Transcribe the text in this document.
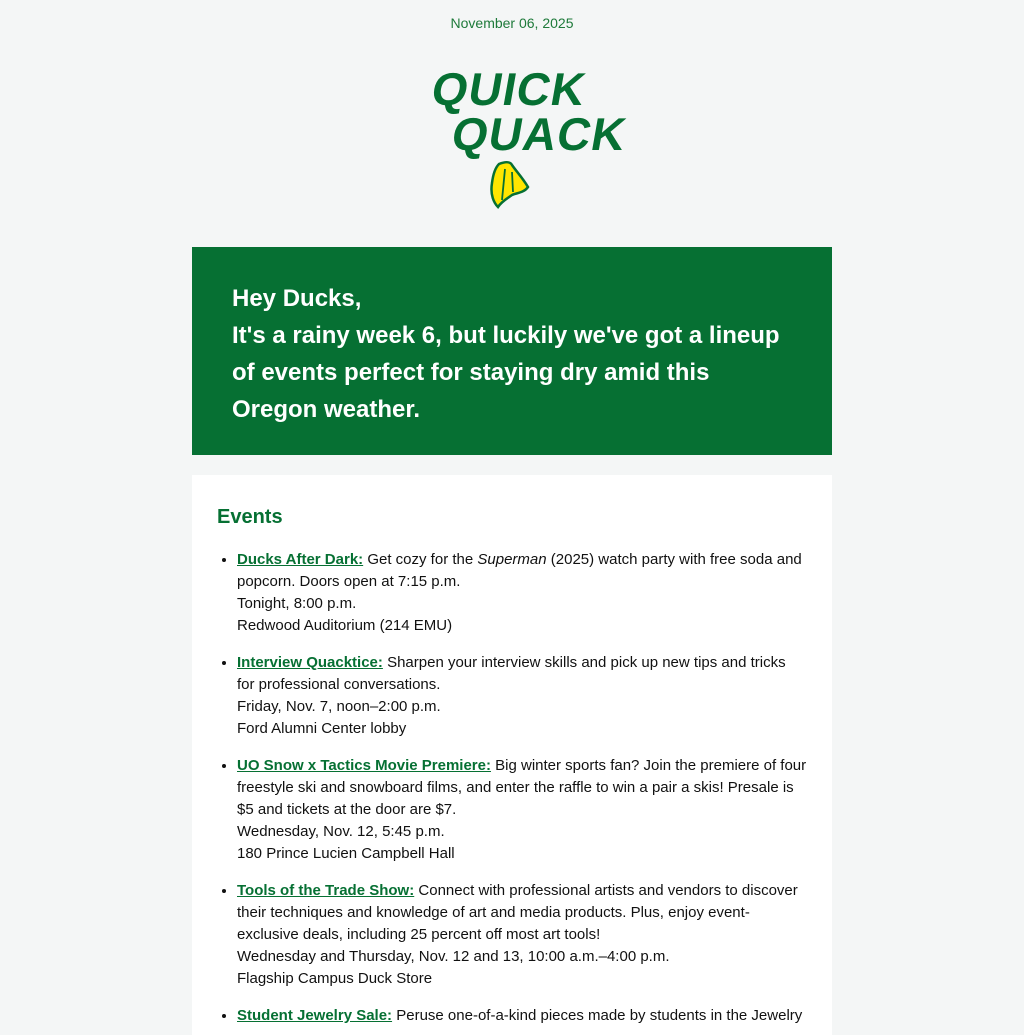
November 06, 2025
QUICK
QUACK

Hey Ducks,

It's a rainy week 6, but luckily we've got a lineup of events perfect for staying dry amid this Oregon weather.

Events
• Ducks After Dark: Get cozy for the Superman (2025) watch party with free soda and popcorn. Doors open at 7:15 p.m.
Tonight, 8:00 p.m.
Redwood Auditorium (214 EMU)
• Interview Quacktice: Sharpen your interview skills and pick up new tips and tricks for professional conversations.
Friday, Nov. 7, noon–2:00 p.m.
Ford Alumni Center lobby
• UO Snow x Tactics Movie Premiere: Big winter sports fan? Join the premiere of four freestyle ski and snowboard films, and enter the raffle to win a pair a skis! Presale is $5 and tickets at the door are $7.
Wednesday, Nov. 12, 5:45 p.m.
180 Prince Lucien Campbell Hall
• Tools of the Trade Show: Connect with professional artists and vendors to discover their techniques and knowledge of art and media products. Plus, enjoy event-exclusive deals, including 25 percent off most art tools!
Wednesday and Thursday, Nov. 12 and 13, 10:00 a.m.–4:00 p.m.
Flagship Campus Duck Store
• Student Jewelry Sale: Peruse one-of-a-kind pieces made by students in the Jewelry
